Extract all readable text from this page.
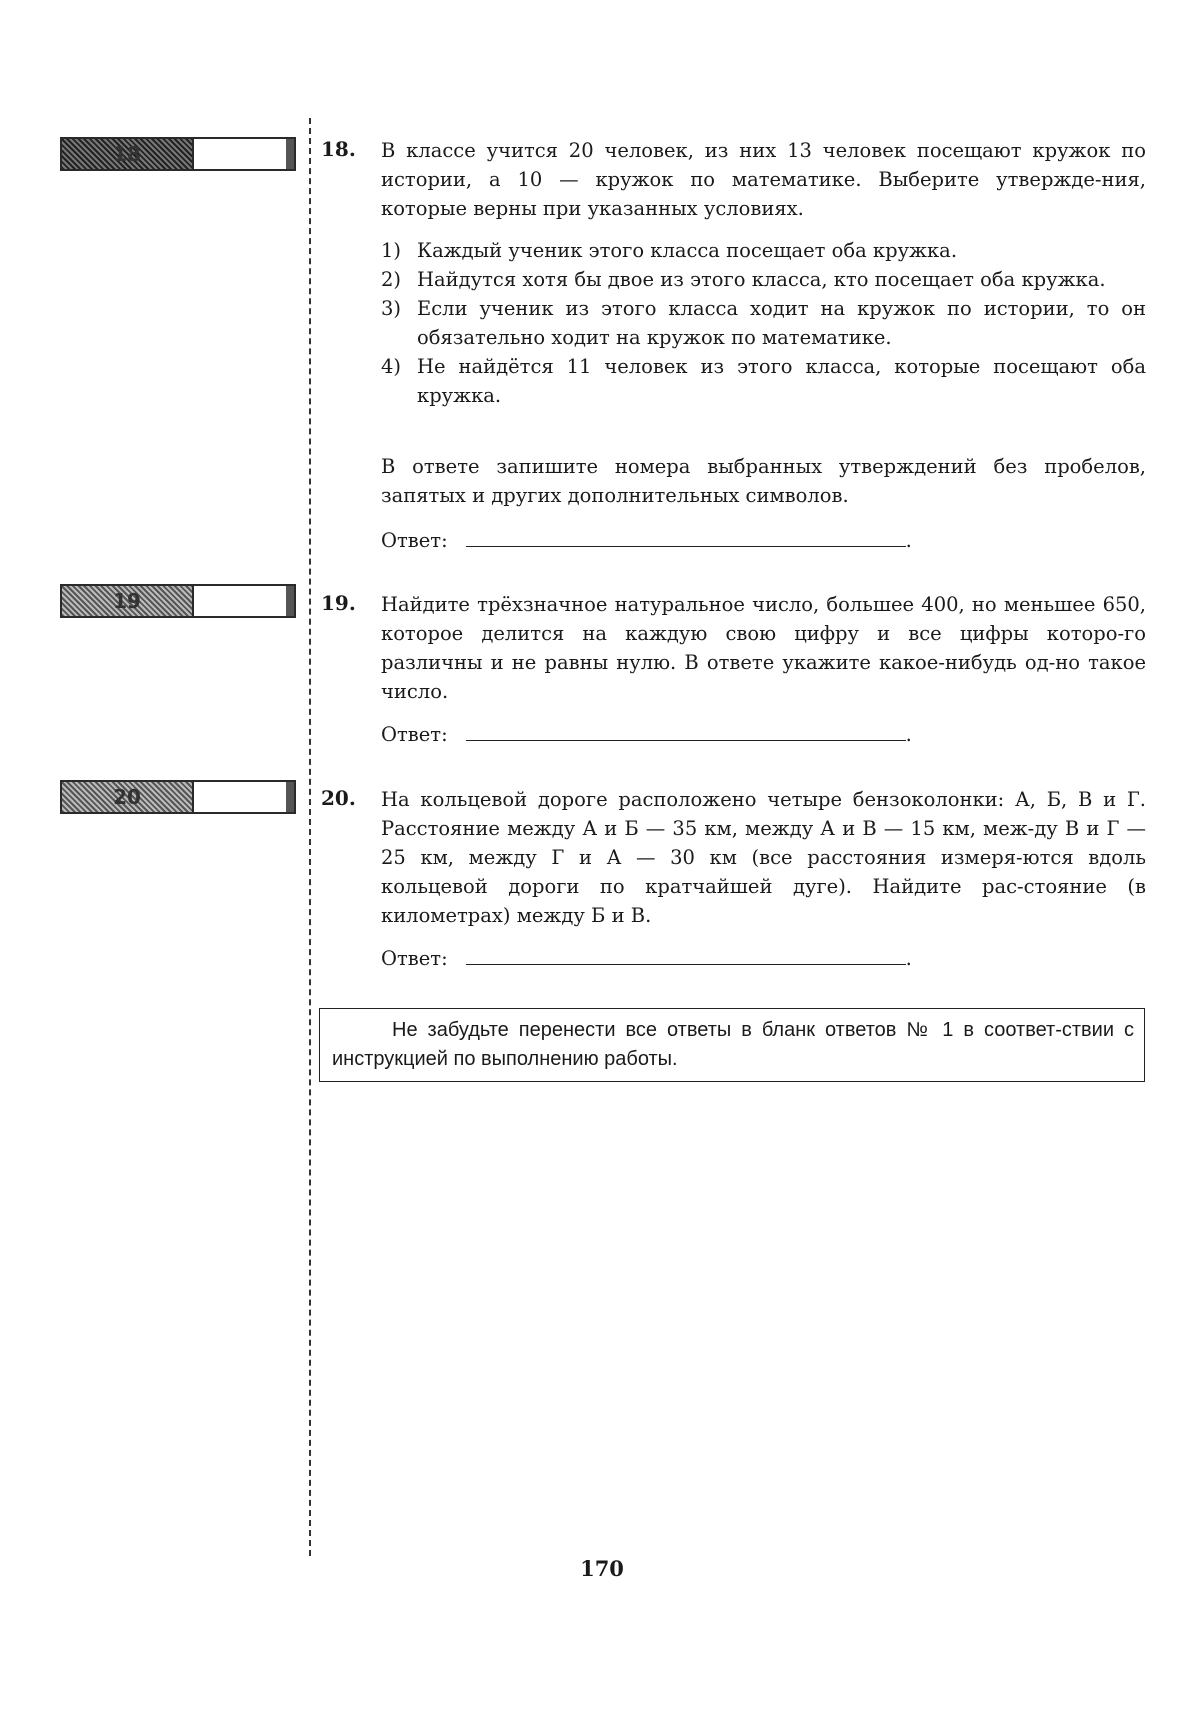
18	18. В классе учится 20 человек, из них 13 человек посещают кружок по истории, а 10 — кружок по математике. Выберите утвержде-ния, которые верны при указанных условиях.
1) Каждый ученик этого класса посещает оба кружка.
2) Найдутся хотя бы двое из этого класса, кто посещает оба кружка.
3) Если ученик из этого класса ходит на кружок по истории, то он обязательно ходит на кружок по математике.
4) Не найдётся 11 человек из этого класса, которые посещают оба кружка.
В ответе запишите номера выбранных утверждений без пробелов, запятых и других дополнительных символов.
Ответ:	.
19	19. Найдите трёхзначное натуральное число, большее 400, но меньшее 650, которое делится на каждую свою цифру и все цифры которо-го различны и не равны нулю. В ответе укажите какое-нибудь од-но такое число.
Ответ:	.
20	20. На кольцевой дороге расположено четыре бензоколонки: А, Б, В и Г. Расстояние между А и Б — 35 км, между А и В — 15 км, меж-ду В и Г — 25 км, между Г и А — 30 км (все расстояния измеря-ются вдоль кольцевой дороги по кратчайшей дуге). Найдите рас-стояние (в километрах) между Б и В.
Ответ:	.
Не забудьте перенести все ответы в бланк ответов № 1 в соответ-ствии с инструкцией по выполнению работы.
170
